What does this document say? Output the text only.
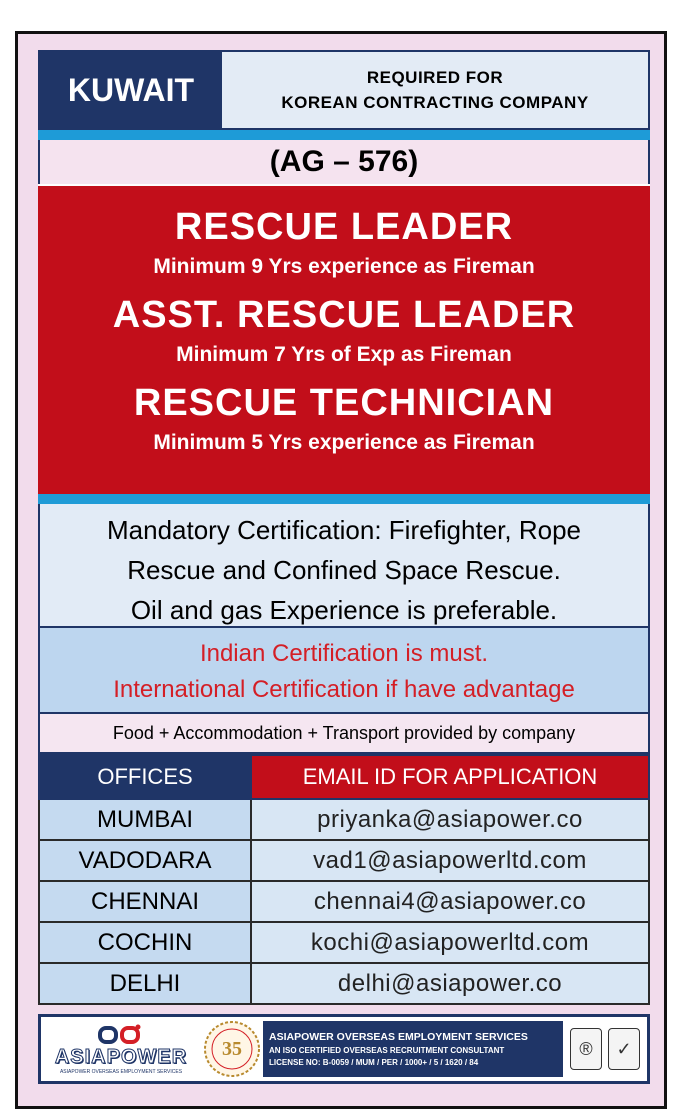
KUWAIT	REQUIRED FOR
KOREAN CONTRACTING COMPANY
(AG – 576)
RESCUE LEADER
Minimum 9 Yrs experience as Fireman
ASST. RESCUE LEADER
Minimum 7 Yrs of Exp as Fireman
RESCUE TECHNICIAN
Minimum 5 Yrs experience as Fireman
Mandatory Certification: Firefighter, Rope
Rescue and Confined Space Rescue.
Oil and gas Experience is preferable.
Indian Certification is must.
International Certification if have advantage
Food + Accommodation + Transport provided by company
OFFICES	EMAIL ID FOR APPLICATION
MUMBAI	priyanka@asiapower.co
VADODARA	vad1@asiapowerltd.com
CHENNAI	chennai4@asiapower.co
COCHIN	kochi@asiapowerltd.com
DELHI	delhi@asiapower.co
ASIAPOWER
ASIAPOWER OVERSEAS EMPLOYMENT SERVICES
35
ASIAPOWER OVERSEAS EMPLOYMENT SERVICES
AN ISO CERTIFIED OVERSEAS RECRUITMENT CONSULTANT
LICENSE NO: B-0059 / MUM / PER / 1000+ / 5 / 1620 / 84
®	✓
